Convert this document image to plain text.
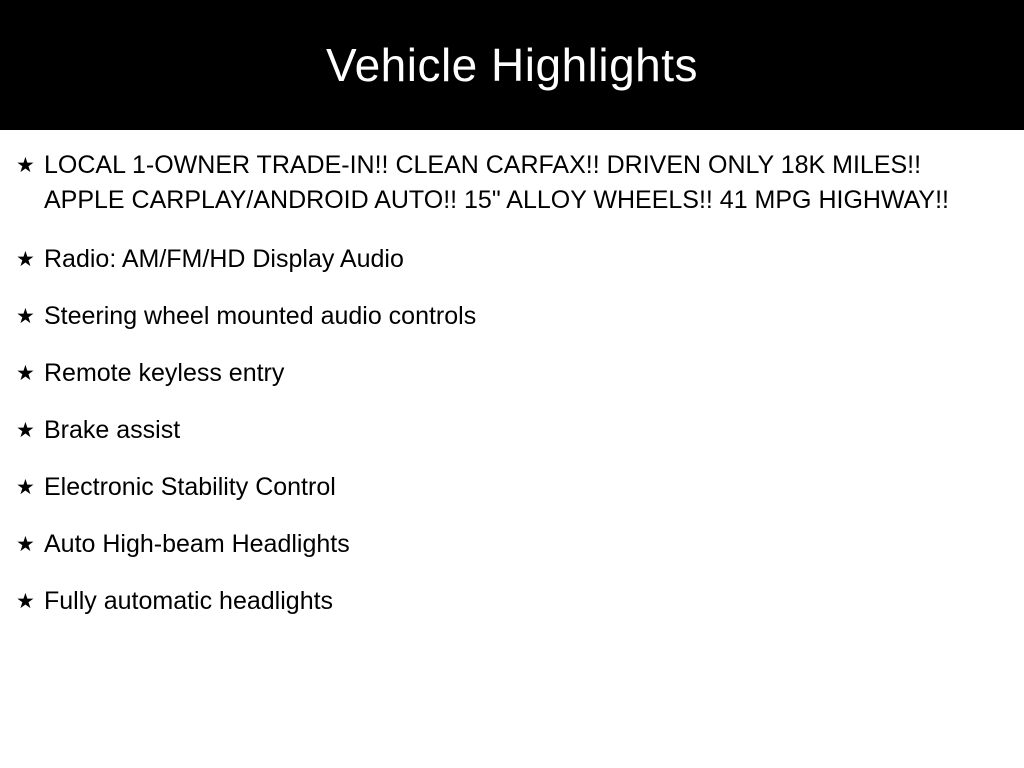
Vehicle Highlights
★ LOCAL 1-OWNER TRADE-IN!! CLEAN CARFAX!! DRIVEN ONLY 18K MILES!! APPLE CARPLAY/ANDROID AUTO!! 15" ALLOY WHEELS!! 41 MPG HIGHWAY!!
★ Radio: AM/FM/HD Display Audio
★ Steering wheel mounted audio controls
★ Remote keyless entry
★ Brake assist
★ Electronic Stability Control
★ Auto High-beam Headlights
★ Fully automatic headlights
